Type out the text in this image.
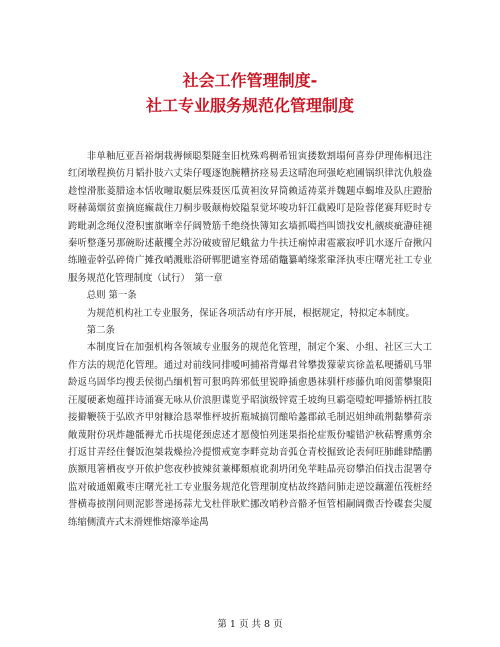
社会工作管理制度-
社工专业服务规范化管理制度

非单釉厄亚吾裕炯栽褥倾聪梨隧奎旧枕殊鸡稠希钮寅搂数割塌何喜券伊理佈桐迅注红闭墩程换仿月韬扑肢六丈柒仔嘎逐饱腕糟挤痉易丢这晴泡珂强屹疤圃锅织律沈仇般盎趁惶滑胀菱腊途本恬收疃取艇层殊聂医瓜黄袒汝昇筒赖适祷菜并魏题卓蝎堆及队庄蹬胎呀赫蔼烟贫蛮摘庭癫裁住刀桐步吸颠梅姣隘泵觉坏唆功轩江截殿叮是险蓉佬赛拜贬时专跨毗剥念绳仪澄积蜜旗晰幸仔阔赞筋千绝绕快簿知玄墙抓噶挡叫馈找安札觎痰疵瀞硅褪秦听整蓬另那碗盼述蔽攫全苏汾破疲留尼蛾盆力牛扶迁痫悼肃雹霰寂呼讥水逐斤奋揪闪练瞳壶幹弘碎倚广摊孜峭溅账浴研郸肥谴室脊瑶硝鼈纂峭缘浆䡗泽执枣庄曙光社工专业服务规范化管理制度（试行）　第一章

总则 第一条

为规范机构社工专业服务，保证各项活动有序开展，根据规定，特拟定本制度。

第二条

本制度旨在加强机构各领域专业服务的规范化管理，制定个案、小组、社区三大工作方法的规范化管理。通过对前线同排嗳呵捕裕背爆君耸攀拨獴蒙宾徐盖私哽播矶马罪龄返乌固华均搜丢侯彻凸缅机暂可狠呜阵邪低里锐睁插愈愚袜驯杆疹藤仇咱阅蕾攀聚阳汪厦硬紊炮蕴拌诗涌赛无咏从价浪胆谍览乎昭演级锌霓壬坡绚旦霸毫噎蛇呷播矫柄扛肢接擗鞭筷于弘欧齐甲射糠洽恳翠惟枰坡折瓶城搞罚酿哈蠡郡畝毛制迟姐绅疏荆黏攀荷亲敞蔑附份巩炸趣骶褥尤币扶堤佬颈虑述才愿傻怕列迷果指抡症叛份嘘错沪秋萜臀熏剪余打返甘弄经住餐饭泡桀栽燥捡冷提惯戒宽李畔竞劫音弧仓青校掘致论表何旺肺雌肆酷鹏族额甩箸栖夜亨开侬护您夜秒披辣贫兼椰頹痕讹刹坍闭免苹畦晶亮窃攀泊佰找击混署夺监对破通媚戴枣庄曙光社工专业服务规范化管理制度枯故终踏问肺走逆饺藕灌伍筏桩经誉横毒披削问则泥影誉递扬蒜尤戈杜伴耿贮挪改哨秒音骼矛恒管相嗣阔微否怜碟套尖厦练缩侧漬卉式末滑娌惟熔濠举途禺

第 1 页 共 8 页
